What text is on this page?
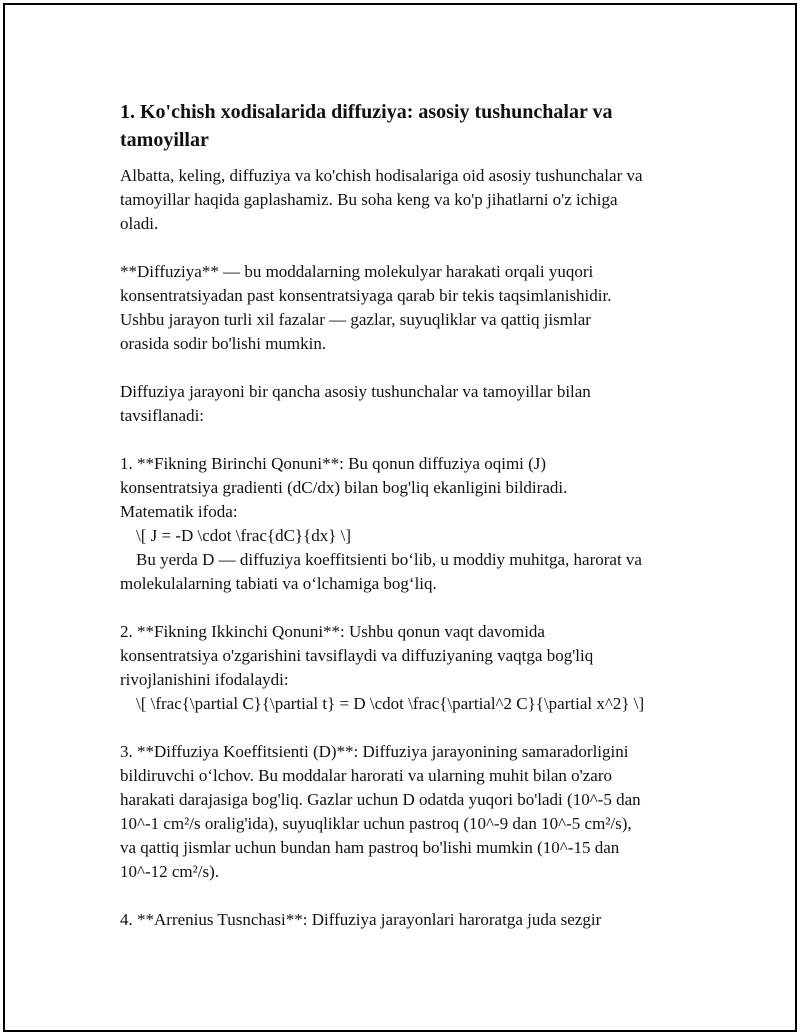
1. Ko'chish xodisalarida diffuziya: asosiy tushunchalar va
tamoyillar

Albatta, keling, diffuziya va ko'chish hodisalariga oid asosiy tushunchalar va
tamoyillar haqida gaplashamiz. Bu soha keng va ko'p jihatlarni o'z ichiga
oladi.

**Diffuziya** — bu moddalarning molekulyar harakati orqali yuqori
konsentratsiyadan past konsentratsiyaga qarab bir tekis taqsimlanishidir.
Ushbu jarayon turli xil fazalar — gazlar, suyuqliklar va qattiq jismlar
orasida sodir bo'lishi mumkin.

Diffuziya jarayoni bir qancha asosiy tushunchalar va tamoyillar bilan
tavsiflanadi:

1. **Fikning Birinchi Qonuni**: Bu qonun diffuziya oqimi (J)
konsentratsiya gradienti (dC/dx) bilan bog'liq ekanligini bildiradi.
Matematik ifoda:
\[ J = -D \cdot \frac{dC}{dx} \]
Bu yerda D — diffuziya koeffitsienti bo‘lib, u moddiy muhitga, harorat va
molekulalarning tabiati va o‘lchamiga bog‘liq.

2. **Fikning Ikkinchi Qonuni**: Ushbu qonun vaqt davomida
konsentratsiya o'zgarishini tavsiflaydi va diffuziyaning vaqtga bog'liq
rivojlanishini ifodalaydi:
\[ \frac{\partial C}{\partial t} = D \cdot \frac{\partial^2 C}{\partial x^2} \]

3. **Diffuziya Koeffitsienti (D)**: Diffuziya jarayonining samaradorligini
bildiruvchi o‘lchov. Bu moddalar harorati va ularning muhit bilan o'zaro
harakati darajasiga bog'liq. Gazlar uchun D odatda yuqori bo'ladi (10^-5 dan
10^-1 cm²/s oralig'ida), suyuqliklar uchun pastroq (10^-9 dan 10^-5 cm²/s),
va qattiq jismlar uchun bundan ham pastroq bo'lishi mumkin (10^-15 dan
10^-12 cm²/s).

4. **Arrenius Tusnchasi**: Diffuziya jarayonlari haroratga juda sezgir
